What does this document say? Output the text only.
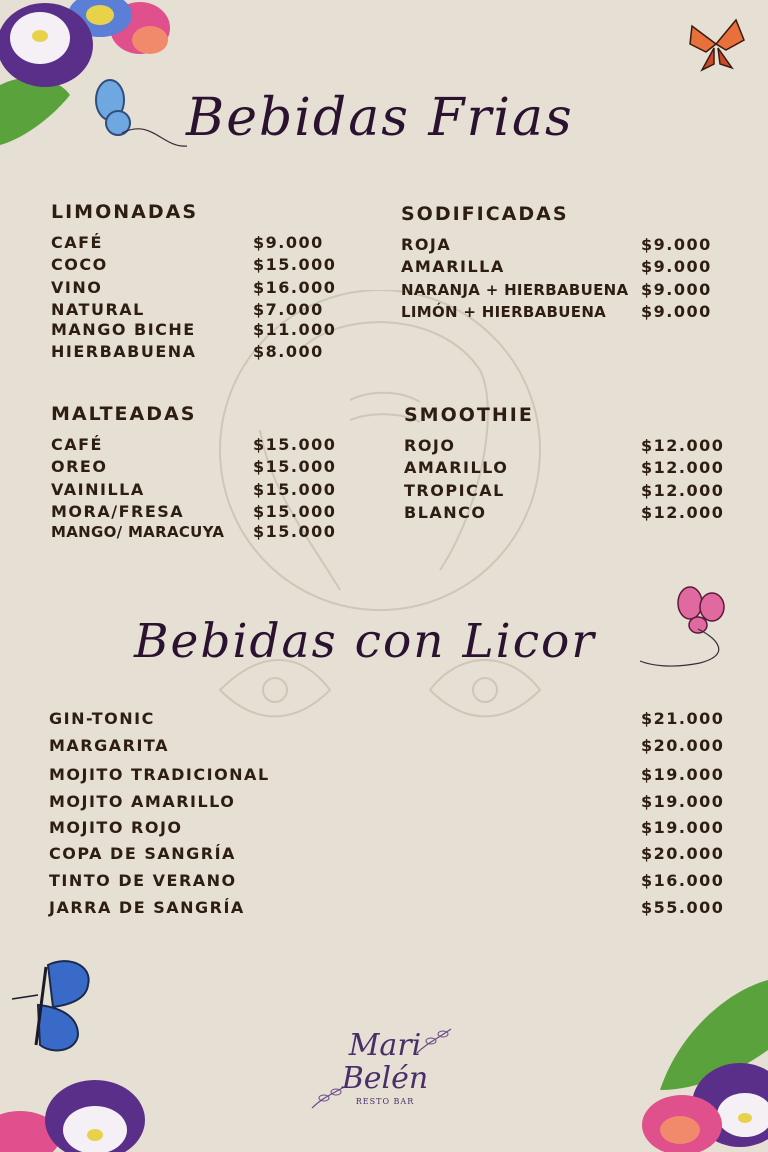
Bebidas Frias
LIMONADAS
CAFÉ	$9.000
COCO	$15.000
VINO	$16.000
NATURAL	$7.000
MANGO BICHE	$11.000
HIERBABUENA	$8.000
SODIFICADAS
ROJA	$9.000
AMARILLA	$9.000
NARANJA + HIERBABUENA $9.000
LIMÓN + HIERBABUENA $9.000
MALTEADAS
CAFÉ	$15.000
OREO	$15.000
VAINILLA	$15.000
MORA/FRESA	$15.000
MANGO/ MARACUYA $15.000
SMOOTHIE
ROJO	$12.000
AMARILLO	$12.000
TROPICAL	$12.000
BLANCO	$12.000
Bebidas con Licor
GIN-TONIC	$21.000
MARGARITA	$20.000
MOJITO TRADICIONAL	$19.000
MOJITO AMARILLO	$19.000
MOJITO ROJO	$19.000
COPA DE SANGRÍA	$20.000
TINTO DE VERANO	$16.000
JARRA DE SANGRÍA	$55.000
Mari
Belén
RESTO BAR
